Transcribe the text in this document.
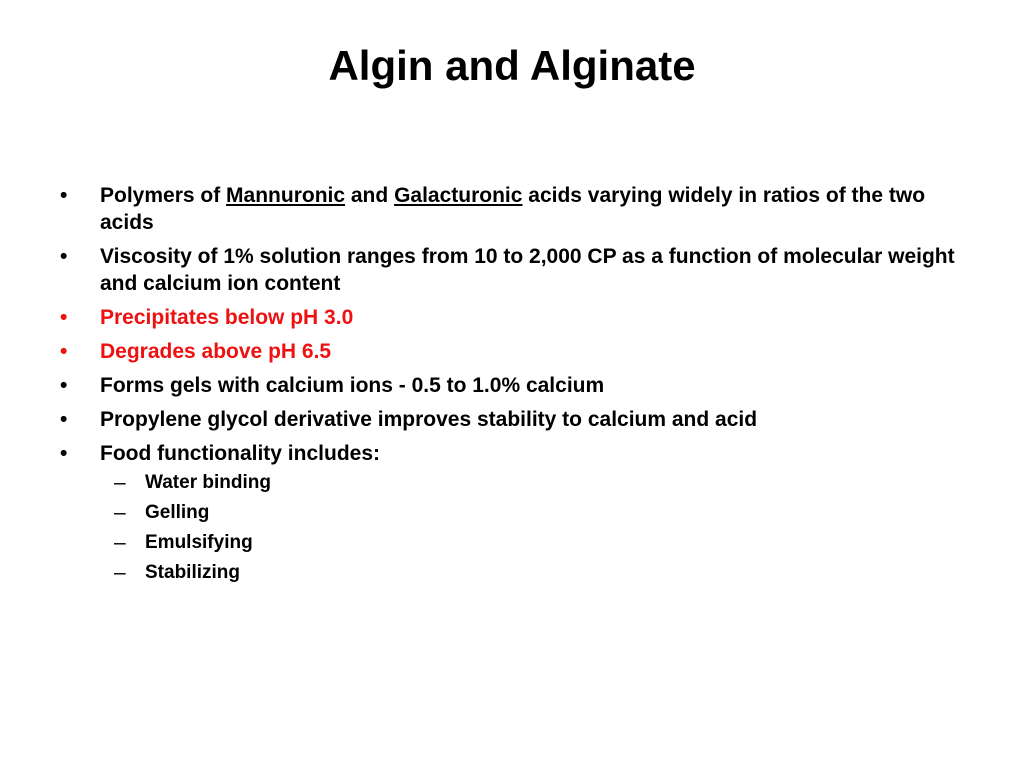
Algin and Alginate
•	Polymers of Mannuronic and Galacturonic acids varying widely in ratios of the two acids
•	Viscosity of 1% solution ranges from 10 to 2,000 CP as a function of molecular weight and calcium ion content
•	Precipitates below pH 3.0
•	Degrades above pH 6.5
•	Forms gels with calcium ions - 0.5 to 1.0% calcium
•	Propylene glycol derivative improves stability to calcium and acid
•	Food functionality includes:
–	Water binding
–	Gelling
–	Emulsifying
–	Stabilizing
